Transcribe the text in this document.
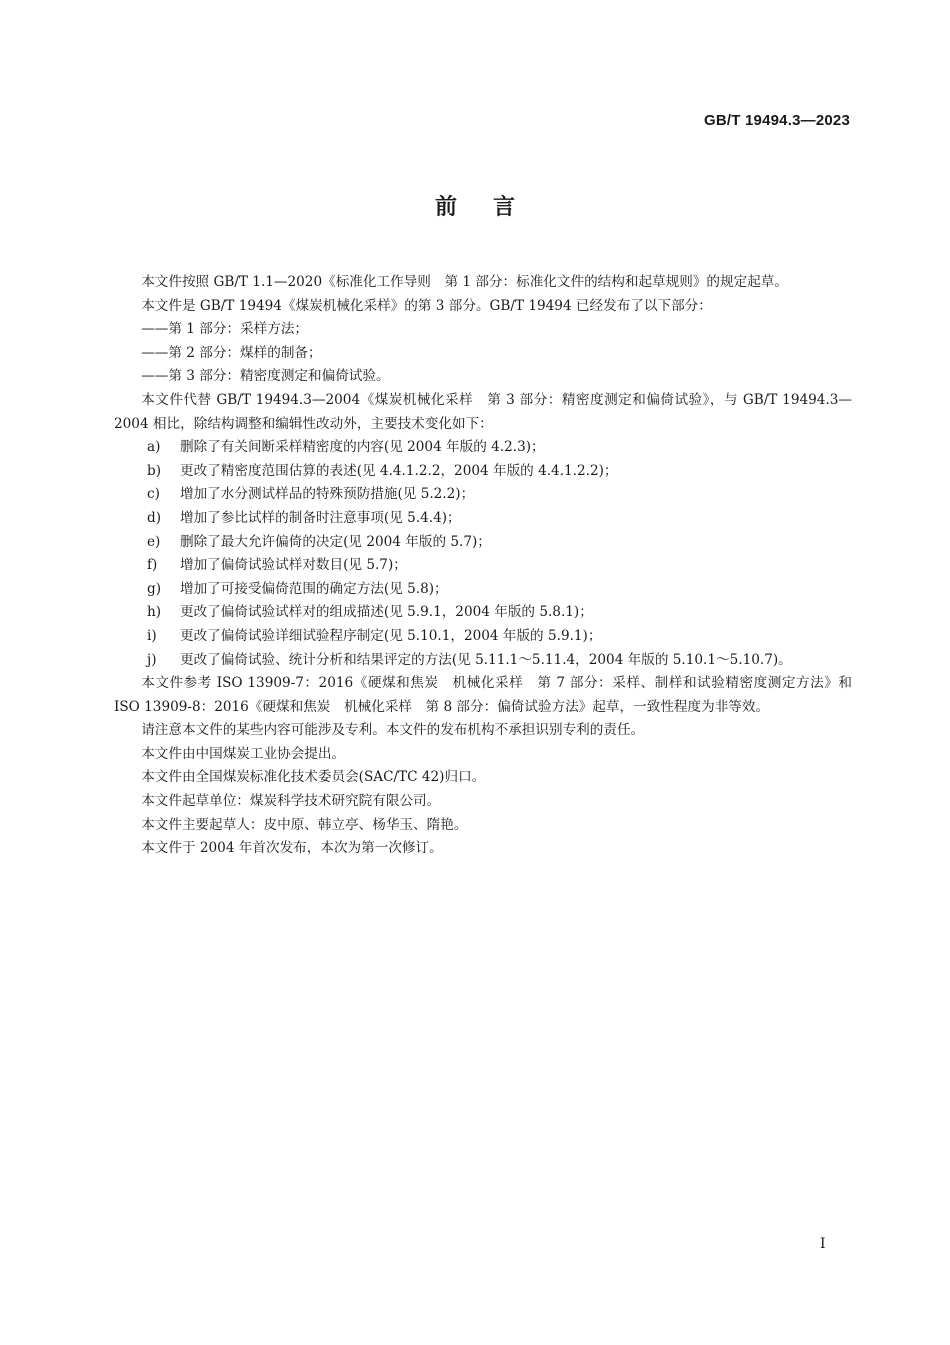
GB/T 19494.3—2023
前言

本文件按照 GB/T 1.1—2020《标准化工作导则　第 1 部分：标准化文件的结构和起草规则》的规定起草。

本文件是 GB/T 19494《煤炭机械化采样》的第 3 部分。GB/T 19494 已经发布了以下部分：

——第 1 部分：采样方法；

——第 2 部分：煤样的制备；

——第 3 部分：精密度测定和偏倚试验。

本文件代替 GB/T 19494.3—2004《煤炭机械化采样　第 3 部分：精密度测定和偏倚试验》，与 GB/T 19494.3—2004 相比，除结构调整和编辑性改动外，主要技术变化如下：

a) 删除了有关间断采样精密度的内容(见 2004 年版的 4.2.3)；

b) 更改了精密度范围估算的表述(见 4.4.1.2.2，2004 年版的 4.4.1.2.2)；

c) 增加了水分测试样品的特殊预防措施(见 5.2.2)；

d) 增加了参比试样的制备时注意事项(见 5.4.4)；

e) 删除了最大允许偏倚的决定(见 2004 年版的 5.7)；

f) 增加了偏倚试验试样对数目(见 5.7)；

g) 增加了可接受偏倚范围的确定方法(见 5.8)；

h) 更改了偏倚试验试样对的组成描述(见 5.9.1，2004 年版的 5.8.1)；

i) 更改了偏倚试验详细试验程序制定(见 5.10.1，2004 年版的 5.9.1)；

j) 更改了偏倚试验、统计分析和结果评定的方法(见 5.11.1～5.11.4，2004 年版的 5.10.1～5.10.7)。

本文件参考 ISO 13909-7：2016《硬煤和焦炭　机械化采样　第 7 部分：采样、制样和试验精密度测定方法》和 ISO 13909-8：2016《硬煤和焦炭　机械化采样　第 8 部分：偏倚试验方法》起草，一致性程度为非等效。

请注意本文件的某些内容可能涉及专利。本文件的发布机构不承担识别专利的责任。

本文件由中国煤炭工业协会提出。

本文件由全国煤炭标准化技术委员会(SAC/TC 42)归口。

本文件起草单位：煤炭科学技术研究院有限公司。

本文件主要起草人：皮中原、韩立亭、杨华玉、隋艳。

本文件于 2004 年首次发布，本次为第一次修订。

I
